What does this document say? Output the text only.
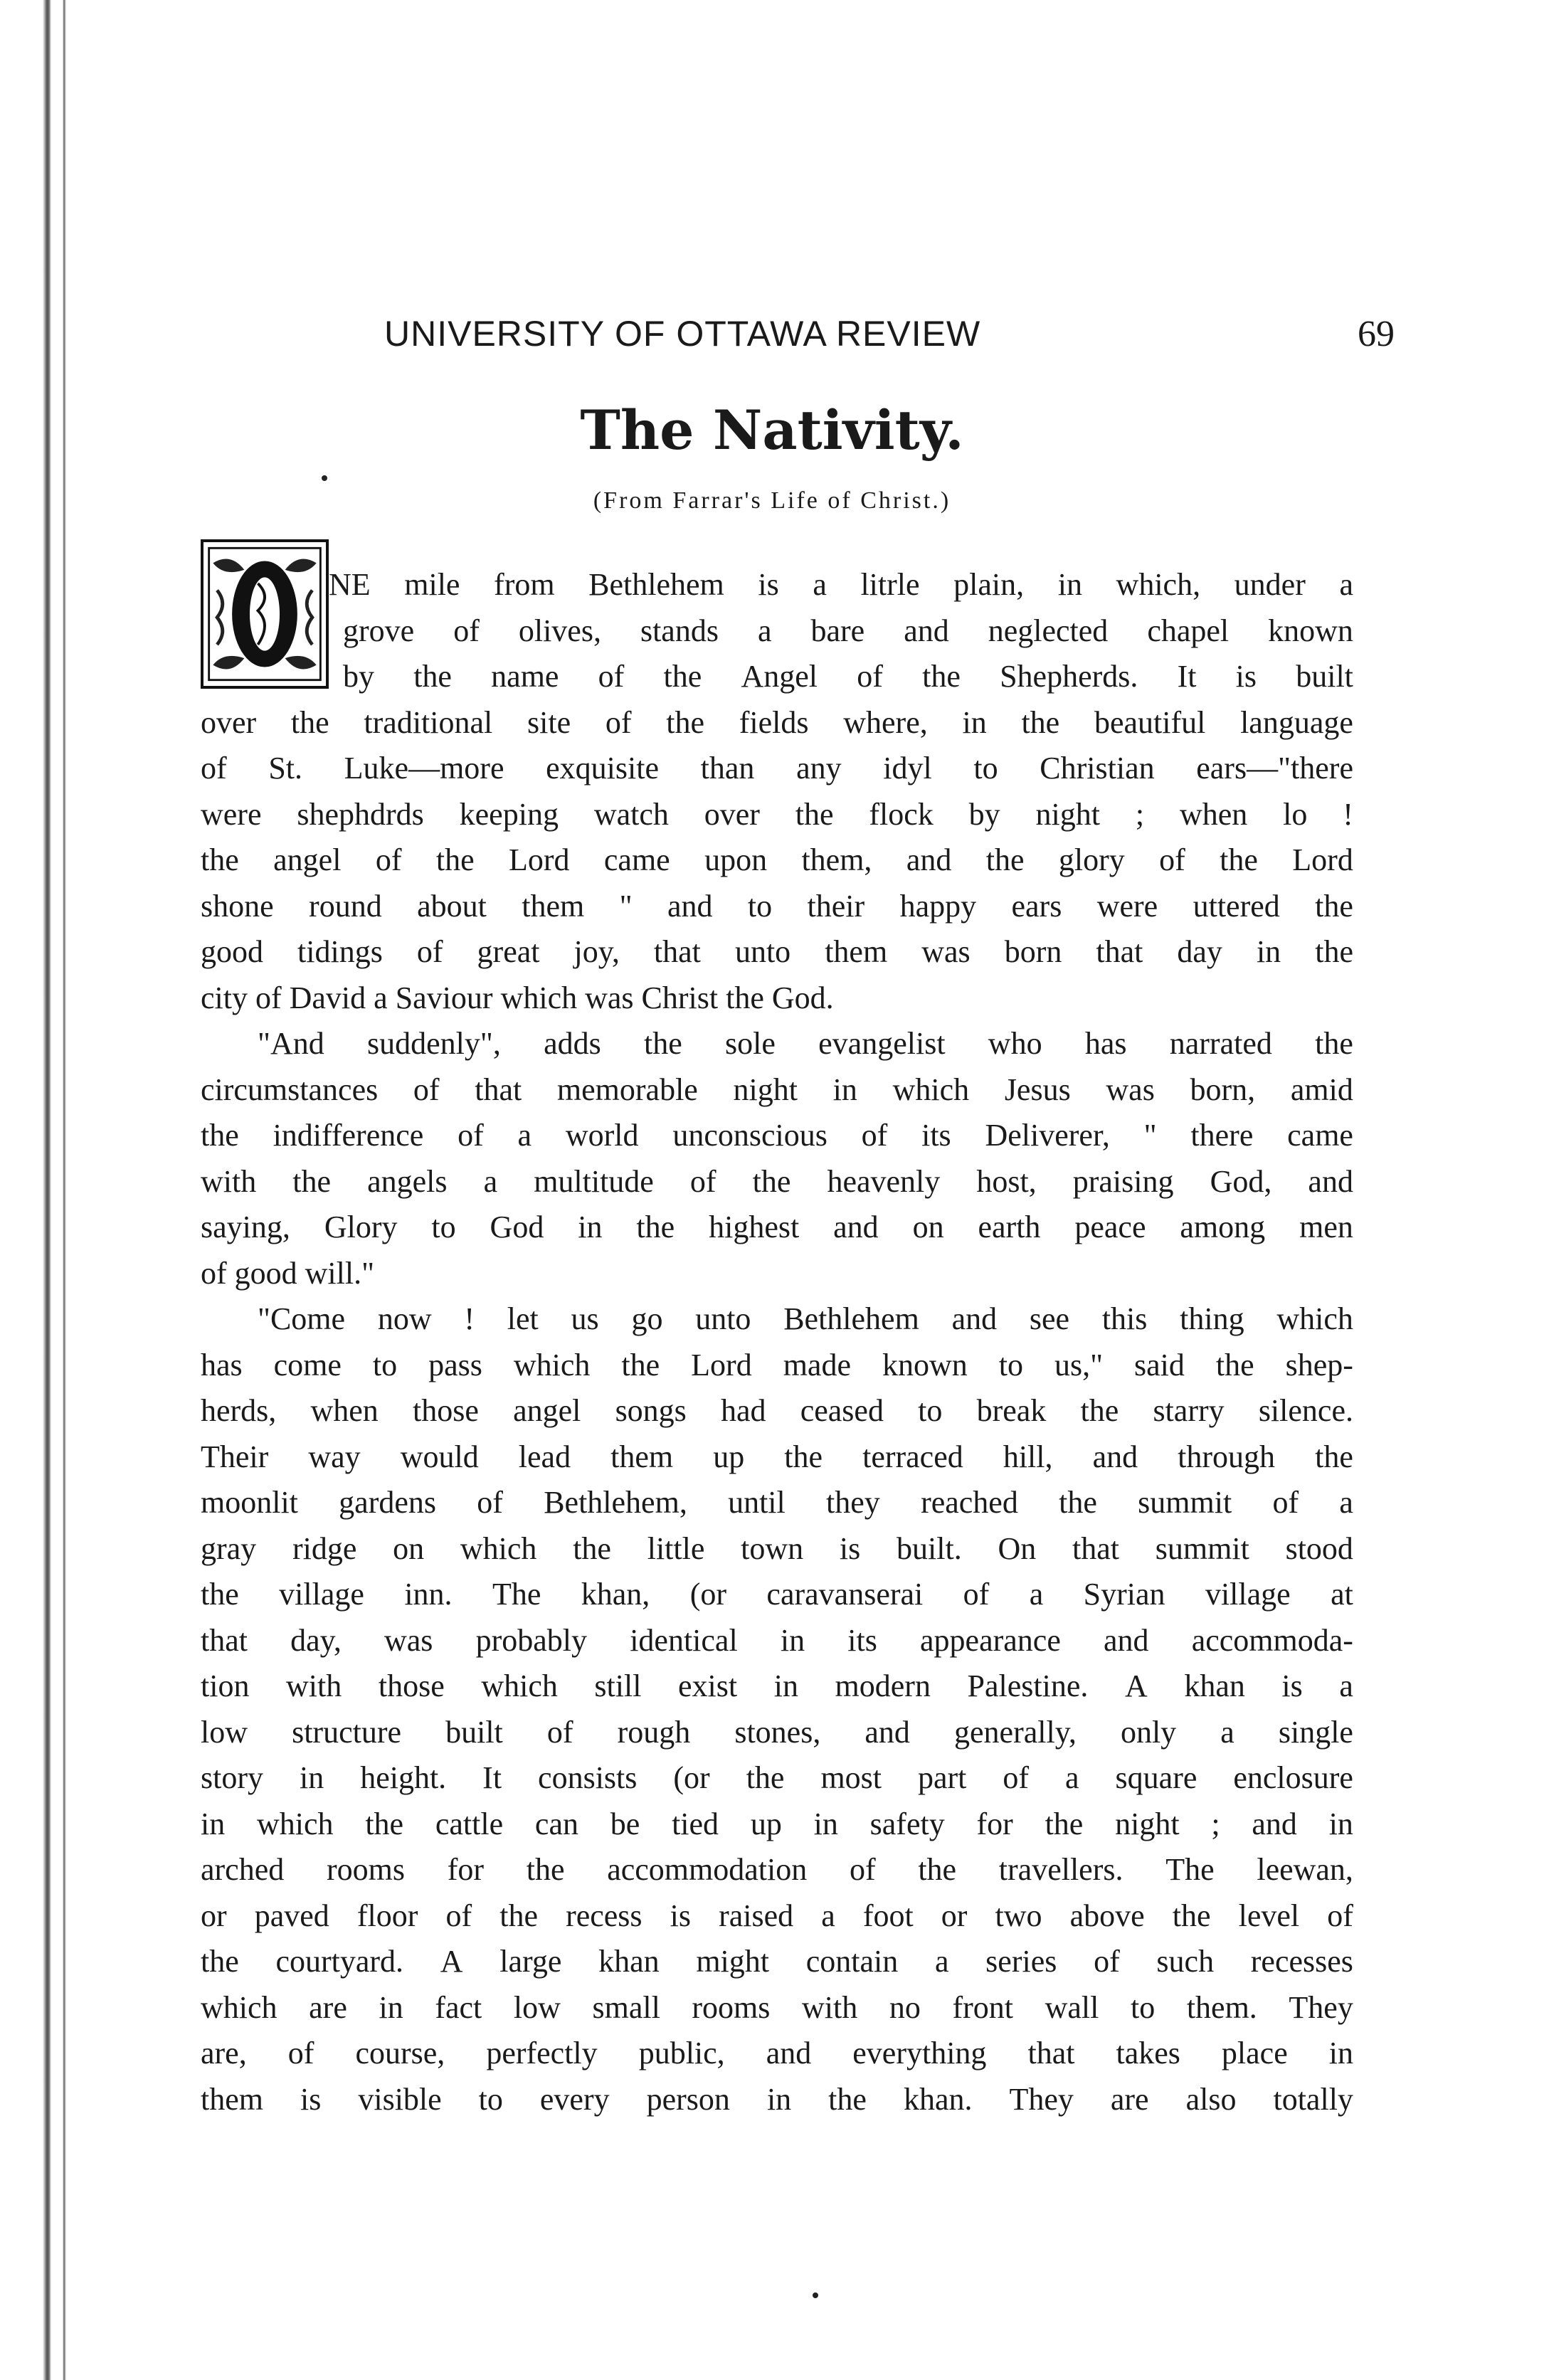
UNIVERSITY OF OTTAWA REVIEW	69
The Nativity.
(From Farrar's Life of Christ.)
NE mile from Bethlehem is a litrle plain, in which, under a
grove of olives, stands a bare and neglected chapel known
by the name of the Angel of the Shepherds. It is built
over the traditional site of the fields where, in the beautiful language
of St. Luke—more exquisite than any idyl to Christian ears—"there
were shephdrds keeping watch over the flock by night ; when lo !
the angel of the Lord came upon them, and the glory of the Lord
shone round about them " and to their happy ears were uttered the
good tidings of great joy, that unto them was born that day in the
city of David a Saviour which was Christ the God.
"And suddenly", adds the sole evangelist who has narrated the
circumstances of that memorable night in which Jesus was born, amid
the indifference of a world unconscious of its Deliverer, " there came
with the angels a multitude of the heavenly host, praising God, and
saying, Glory to God in the highest and on earth peace among men
of good will."
"Come now ! let us go unto Bethlehem and see this thing which
has come to pass which the Lord made known to us," said the shep-
herds, when those angel songs had ceased to break the starry silence.
Their way would lead them up the terraced hill, and through the
moonlit gardens of Bethlehem, until they reached the summit of a
gray ridge on which the little town is built. On that summit stood
the village inn. The khan, (or caravanserai of a Syrian village at
that day, was probably identical in its appearance and accommoda-
tion with those which still exist in modern Palestine. A khan is a
low structure built of rough stones, and generally, only a single
story in height. It consists (or the most part of a square enclosure
in which the cattle can be tied up in safety for the night ; and in
arched rooms for the accommodation of the travellers. The leewan,
or paved floor of the recess is raised a foot or two above the level of
the courtyard. A large khan might contain a series of such recesses
which are in fact low small rooms with no front wall to them. They
are, of course, perfectly public, and everything that takes place in
them is visible to every person in the khan. They are also totally
